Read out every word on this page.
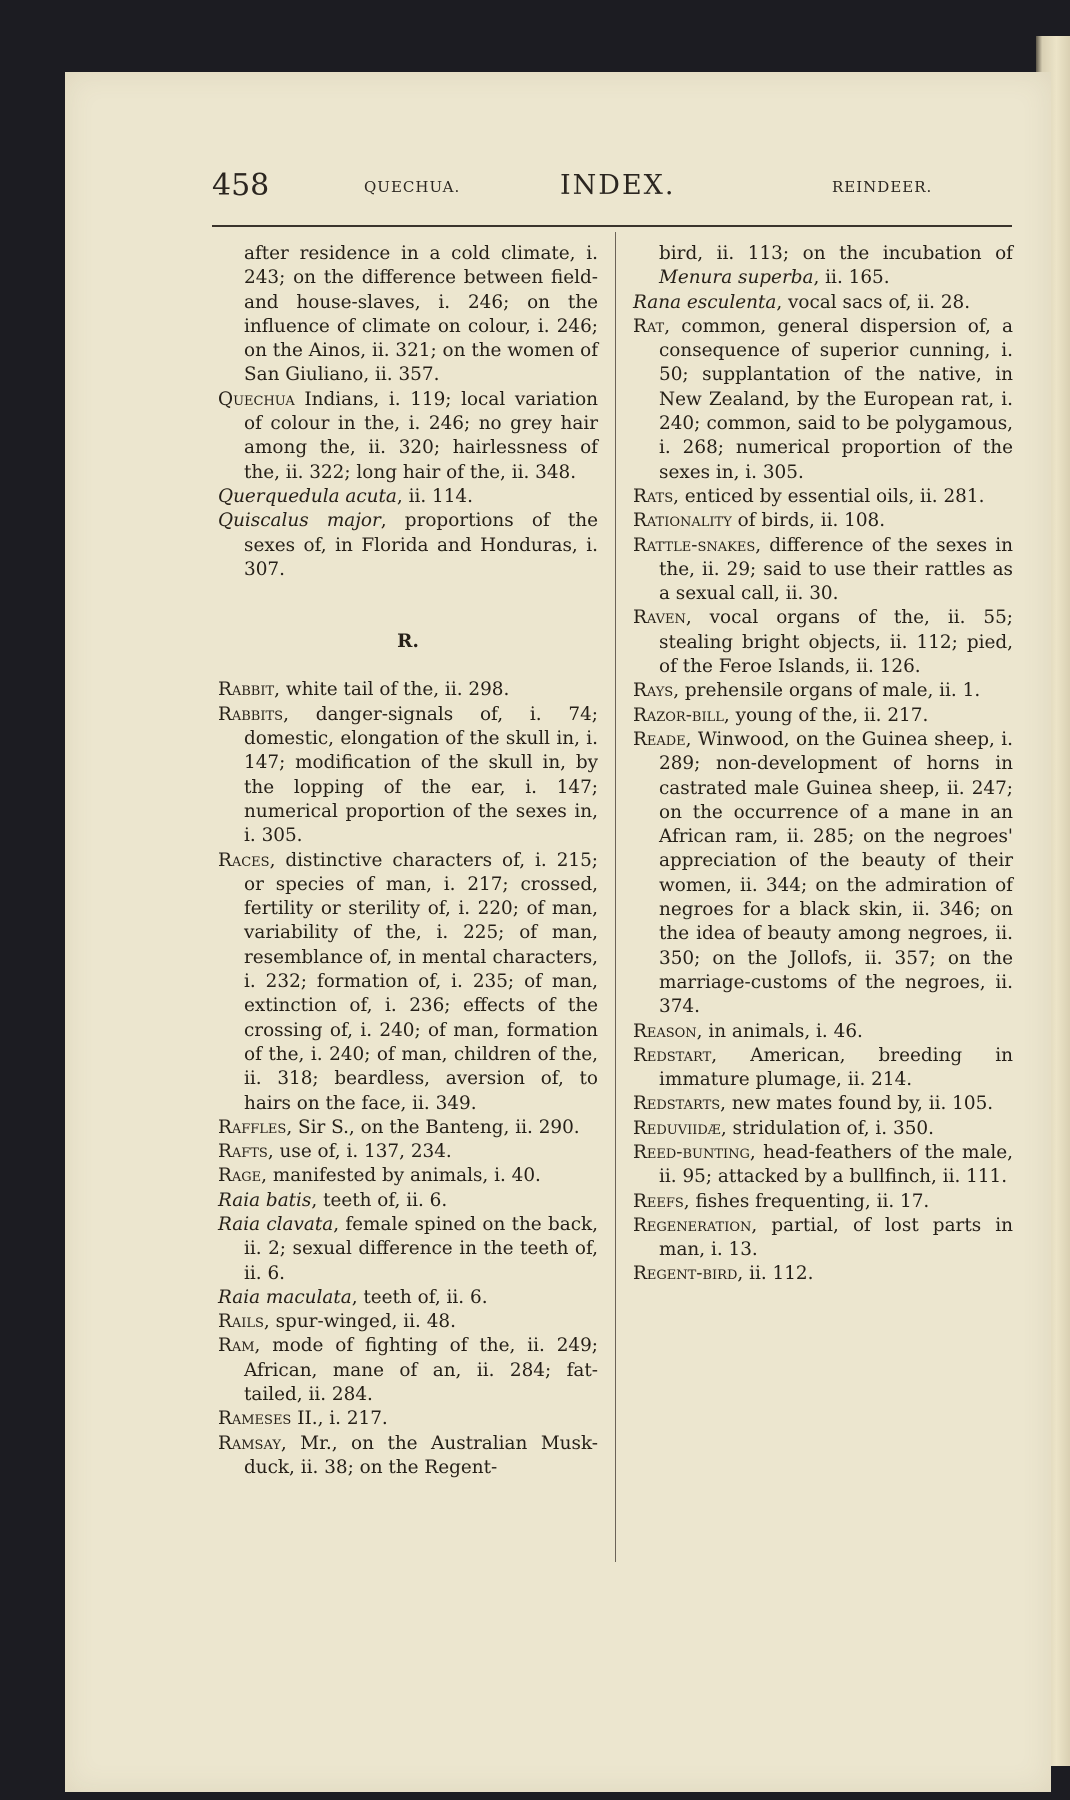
458	QUECHUA.	INDEX.	REINDEER.

after residence in a cold climate, i. 243; on the difference between field- and house-slaves, i. 246; on the influence of climate on colour, i. 246; on the Ainos, ii. 321; on the women of San Giuliano, ii. 357.

Quechua Indians, i. 119; local variation of colour in the, i. 246; no grey hair among the, ii. 320; hairlessness of the, ii. 322; long hair of the, ii. 348.

Querquedula acuta, ii. 114.

Quiscalus major, proportions of the sexes of, in Florida and Honduras, i. 307.

R.

Rabbit, white tail of the, ii. 298.

Rabbits, danger-signals of, i. 74; domestic, elongation of the skull in, i. 147; modification of the skull in, by the lopping of the ear, i. 147; numerical proportion of the sexes in, i. 305.

Races, distinctive characters of, i. 215; or species of man, i. 217; crossed, fertility or sterility of, i. 220; of man, variability of the, i. 225; of man, resemblance of, in mental characters, i. 232; formation of, i. 235; of man, extinction of, i. 236; effects of the crossing of, i. 240; of man, formation of the, i. 240; of man, children of the, ii. 318; beardless, aversion of, to hairs on the face, ii. 349.

Raffles, Sir S., on the Banteng, ii. 290.

Rafts, use of, i. 137, 234.

Rage, manifested by animals, i. 40.

Raia batis, teeth of, ii. 6.

Raia clavata, female spined on the back, ii. 2; sexual difference in the teeth of, ii. 6.

Raia maculata, teeth of, ii. 6.

Rails, spur-winged, ii. 48.

Ram, mode of fighting of the, ii. 249; African, mane of an, ii. 284; fat-tailed, ii. 284.

Rameses II., i. 217.

Ramsay, Mr., on the Australian Musk-duck, ii. 38; on the Regent-

bird, ii. 113; on the incubation of Menura superba, ii. 165.

Rana esculenta, vocal sacs of, ii. 28.

Rat, common, general dispersion of, a consequence of superior cunning, i. 50; supplantation of the native, in New Zealand, by the European rat, i. 240; common, said to be polygamous, i. 268; numerical proportion of the sexes in, i. 305.

Rats, enticed by essential oils, ii. 281.

Rationality of birds, ii. 108.

Rattle-snakes, difference of the sexes in the, ii. 29; said to use their rattles as a sexual call, ii. 30.

Raven, vocal organs of the, ii. 55; stealing bright objects, ii. 112; pied, of the Feroe Islands, ii. 126.

Rays, prehensile organs of male, ii. 1.

Razor-bill, young of the, ii. 217.

Reade, Winwood, on the Guinea sheep, i. 289; non-development of horns in castrated male Guinea sheep, ii. 247; on the occurrence of a mane in an African ram, ii. 285; on the negroes' appreciation of the beauty of their women, ii. 344; on the admiration of negroes for a black skin, ii. 346; on the idea of beauty among negroes, ii. 350; on the Jollofs, ii. 357; on the marriage-customs of the negroes, ii. 374.

Reason, in animals, i. 46.

Redstart, American, breeding in immature plumage, ii. 214.

Redstarts, new mates found by, ii. 105.

Reduviidæ, stridulation of, i. 350.

Reed-bunting, head-feathers of the male, ii. 95; attacked by a bullfinch, ii. 111.

Reefs, fishes frequenting, ii. 17.

Regeneration, partial, of lost parts in man, i. 13.

Regent-bird, ii. 112.
